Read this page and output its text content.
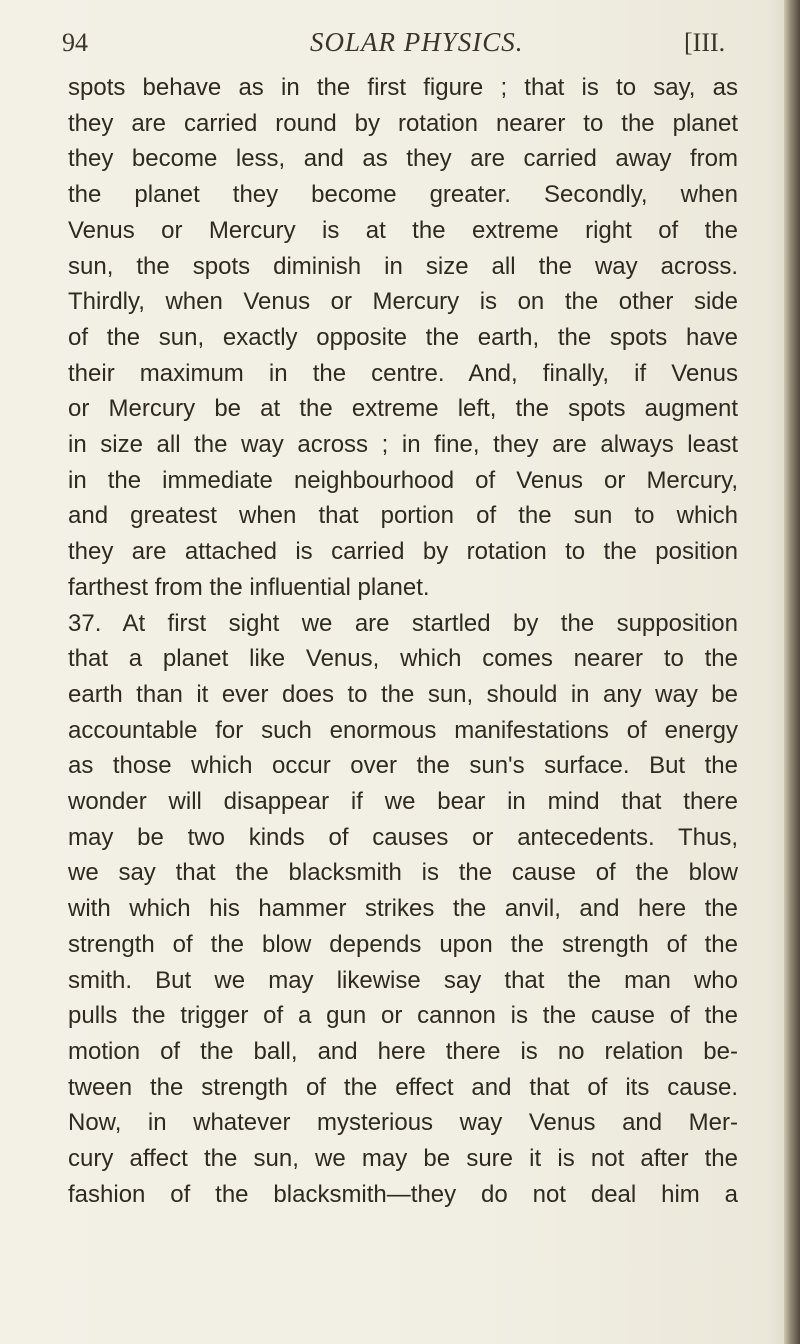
94	SOLAR PHYSICS.	[III.
spots behave as in the first figure ; that is to say, as
they are carried round by rotation nearer to the planet
they become less, and as they are carried away from
the planet they become greater. Secondly, when
Venus or Mercury is at the extreme right of the
sun, the spots diminish in size all the way across.
Thirdly, when Venus or Mercury is on the other side
of the sun, exactly opposite the earth, the spots have
their maximum in the centre. And, finally, if Venus
or Mercury be at the extreme left, the spots augment
in size all the way across ; in fine, they are always least
in the immediate neighbourhood of Venus or Mercury,
and greatest when that portion of the sun to which
they are attached is carried by rotation to the position
farthest from the influential planet.
37. At first sight we are startled by the supposition
that a planet like Venus, which comes nearer to the
earth than it ever does to the sun, should in any way be
accountable for such enormous manifestations of energy
as those which occur over the sun's surface. But the
wonder will disappear if we bear in mind that there
may be two kinds of causes or antecedents. Thus,
we say that the blacksmith is the cause of the blow
with which his hammer strikes the anvil, and here the
strength of the blow depends upon the strength of the
smith. But we may likewise say that the man who
pulls the trigger of a gun or cannon is the cause of the
motion of the ball, and here there is no relation be-
tween the strength of the effect and that of its cause.
Now, in whatever mysterious way Venus and Mer-
cury affect the sun, we may be sure it is not after the
fashion of the blacksmith—they do not deal him a
